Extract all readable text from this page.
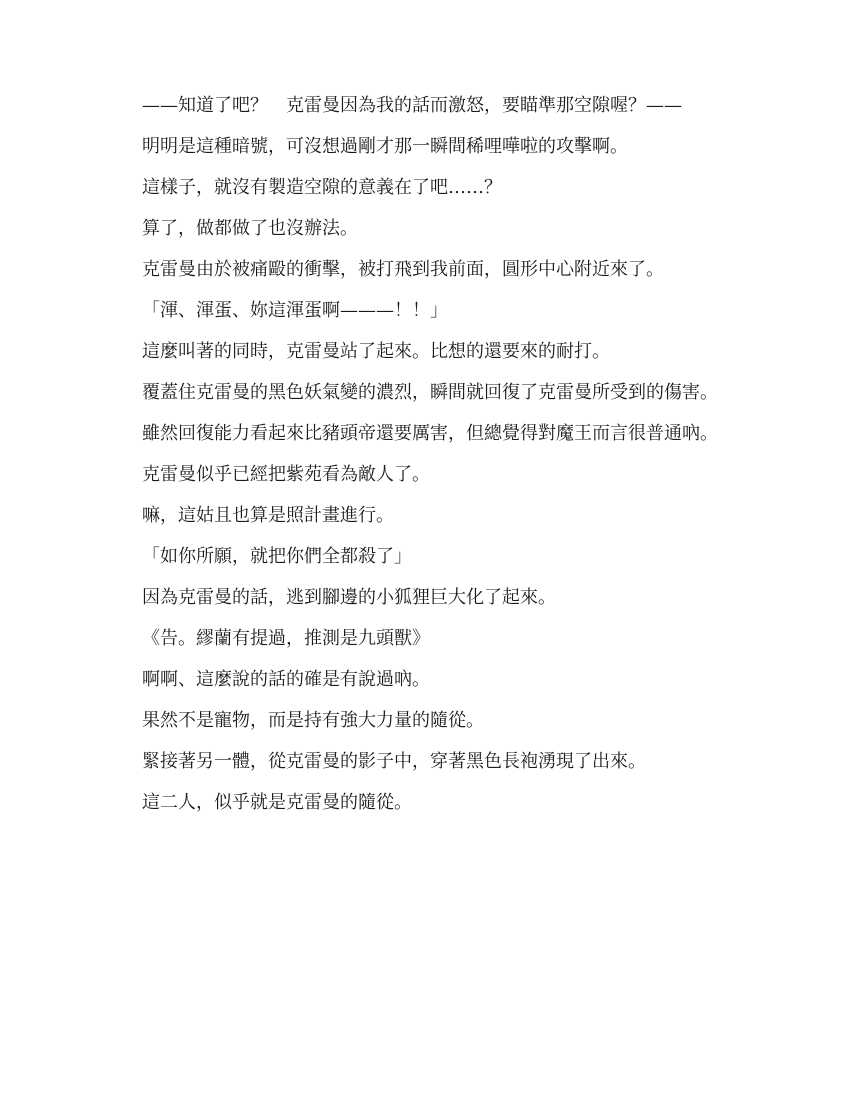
——知道了吧？　克雷曼因為我的話而激怒，要瞄準那空隙喔？——

明明是這種暗號，可沒想過剛才那一瞬間稀哩嘩啦的攻擊啊。

這樣子，就沒有製造空隙的意義在了吧……？

算了，做都做了也沒辦法。

克雷曼由於被痛毆的衝擊，被打飛到我前面，圓形中心附近來了。

「渾、渾蛋、妳這渾蛋啊———！！」

這麼叫著的同時，克雷曼站了起來。比想的還要來的耐打。

覆蓋住克雷曼的黑色妖氣變的濃烈，瞬間就回復了克雷曼所受到的傷害。

雖然回復能力看起來比豬頭帝還要厲害，但總覺得對魔王而言很普通吶。

克雷曼似乎已經把紫苑看為敵人了。

嘛，這姑且也算是照計畫進行。

「如你所願，就把你們全都殺了」

因為克雷曼的話，逃到腳邊的小狐狸巨大化了起來。

《告。繆蘭有提過，推測是九頭獸》

啊啊、這麼說的話的確是有說過吶。

果然不是寵物，而是持有強大力量的隨從。

緊接著另一體，從克雷曼的影子中，穿著黑色長袍湧現了出來。

這二人，似乎就是克雷曼的隨從。
